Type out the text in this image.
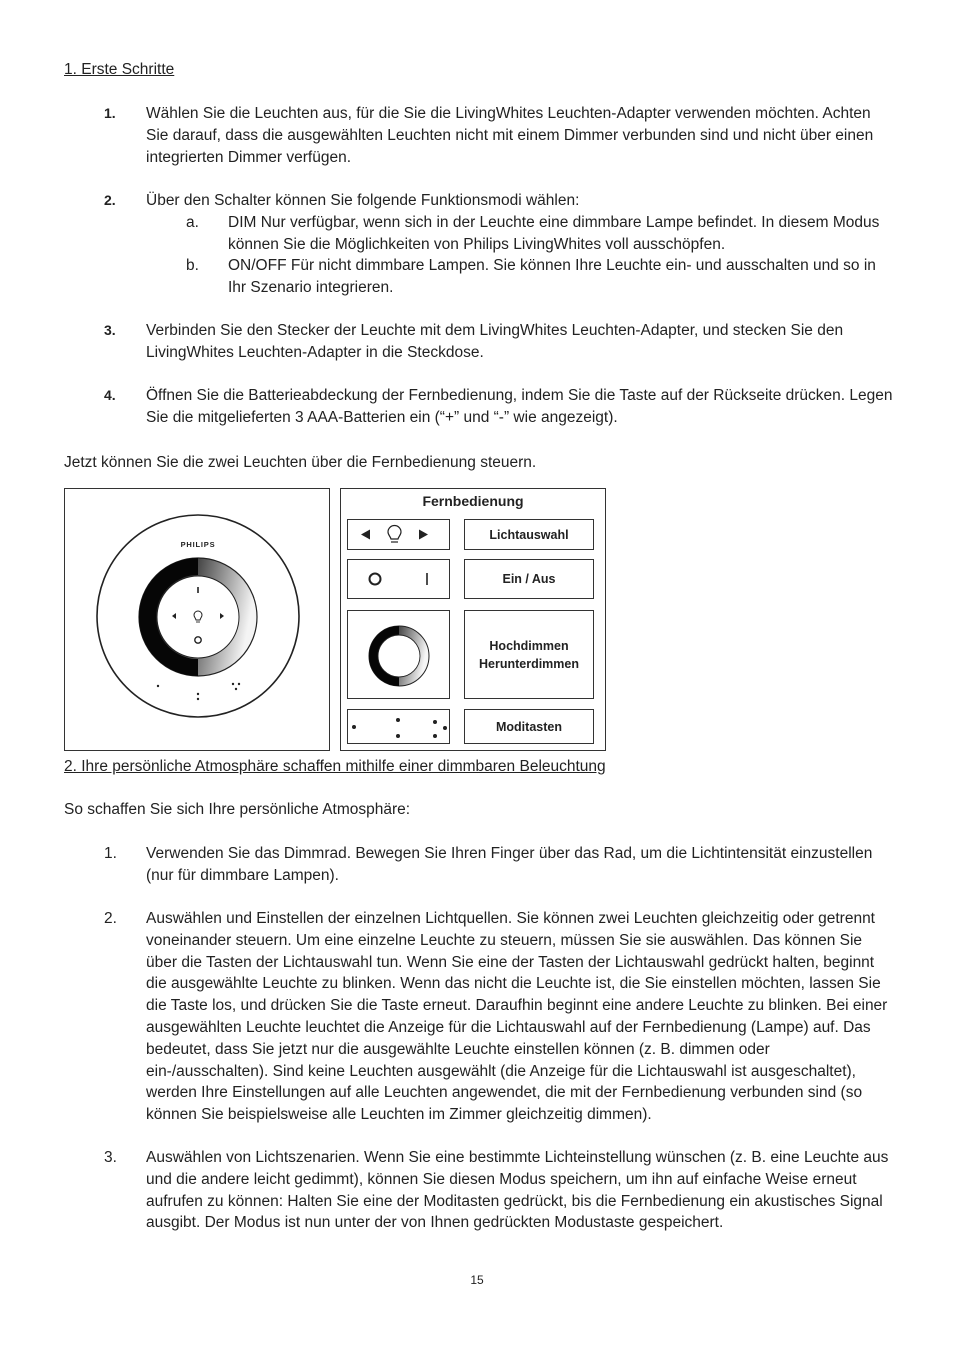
1. Erste Schritte
1.	Wählen Sie die Leuchten aus, für die Sie die LivingWhites Leuchten-Adapter verwenden möchten. Achten Sie darauf, dass die ausgewählten Leuchten nicht mit einem Dimmer verbunden sind und nicht über einen integrierten Dimmer verfügen.
2.	Über den Schalter können Sie folgende Funktionsmodi wählen:
a. DIM Nur verfügbar, wenn sich in der Leuchte eine dimmbare Lampe befindet. In diesem Modus können Sie die Möglichkeiten von Philips LivingWhites voll ausschöpfen.
b. ON/OFF Für nicht dimmbare Lampen. Sie können Ihre Leuchte ein- und ausschalten und so in Ihr Szenario integrieren.
3.	Verbinden Sie den Stecker der Leuchte mit dem LivingWhites Leuchten-Adapter, und stecken Sie den LivingWhites Leuchten-Adapter in die Steckdose.
4.	Öffnen Sie die Batterieabdeckung der Fernbedienung, indem Sie die Taste auf der Rückseite drücken. Legen Sie die mitgelieferten 3 AAA-Batterien ein (“+” und “-” wie angezeigt).
Jetzt können Sie die zwei Leuchten über die Fernbedienung steuern.
PHILIPS
Fernbedienung
Lichtauswahl
Ein / Aus
Hochdimmen
Herunterdimmen
Moditasten
2. Ihre persönliche Atmosphäre schaffen mithilfe einer dimmbaren Beleuchtung
So schaffen Sie sich Ihre persönliche Atmosphäre:
1.	Verwenden Sie das Dimmrad. Bewegen Sie Ihren Finger über das Rad, um die Lichtintensität einzustellen (nur für dimmbare Lampen).
2.	Auswählen und Einstellen der einzelnen Lichtquellen. Sie können zwei Leuchten gleichzeitig oder getrennt voneinander steuern. Um eine einzelne Leuchte zu steuern, müssen Sie sie auswählen. Das können Sie über die Tasten der Lichtauswahl tun. Wenn Sie eine der Tasten der Lichtauswahl gedrückt halten, beginnt die ausgewählte Leuchte zu blinken. Wenn das nicht die Leuchte ist, die Sie einstellen möchten, lassen Sie die Taste los, und drücken Sie die Taste erneut. Daraufhin beginnt eine andere Leuchte zu blinken. Bei einer ausgewählten Leuchte leuchtet die Anzeige für die Lichtauswahl auf der Fernbedienung (Lampe) auf. Das bedeutet, dass Sie jetzt nur die ausgewählte Leuchte einstellen können (z. B. dimmen oder ein-/ausschalten). Sind keine Leuchten ausgewählt (die Anzeige für die Lichtauswahl ist ausgeschaltet), werden Ihre Einstellungen auf alle Leuchten angewendet, die mit der Fernbedienung verbunden sind (so können Sie beispielsweise alle Leuchten im Zimmer gleichzeitig dimmen).
3.	Auswählen von Lichtszenarien. Wenn Sie eine bestimmte Lichteinstellung wünschen (z. B. eine Leuchte aus und die andere leicht gedimmt), können Sie diesen Modus speichern, um ihn auf einfache Weise erneut aufrufen zu können: Halten Sie eine der Moditasten gedrückt, bis die Fernbedienung ein akustisches Signal ausgibt. Der Modus ist nun unter der von Ihnen gedrückten Modustaste gespeichert.
15
